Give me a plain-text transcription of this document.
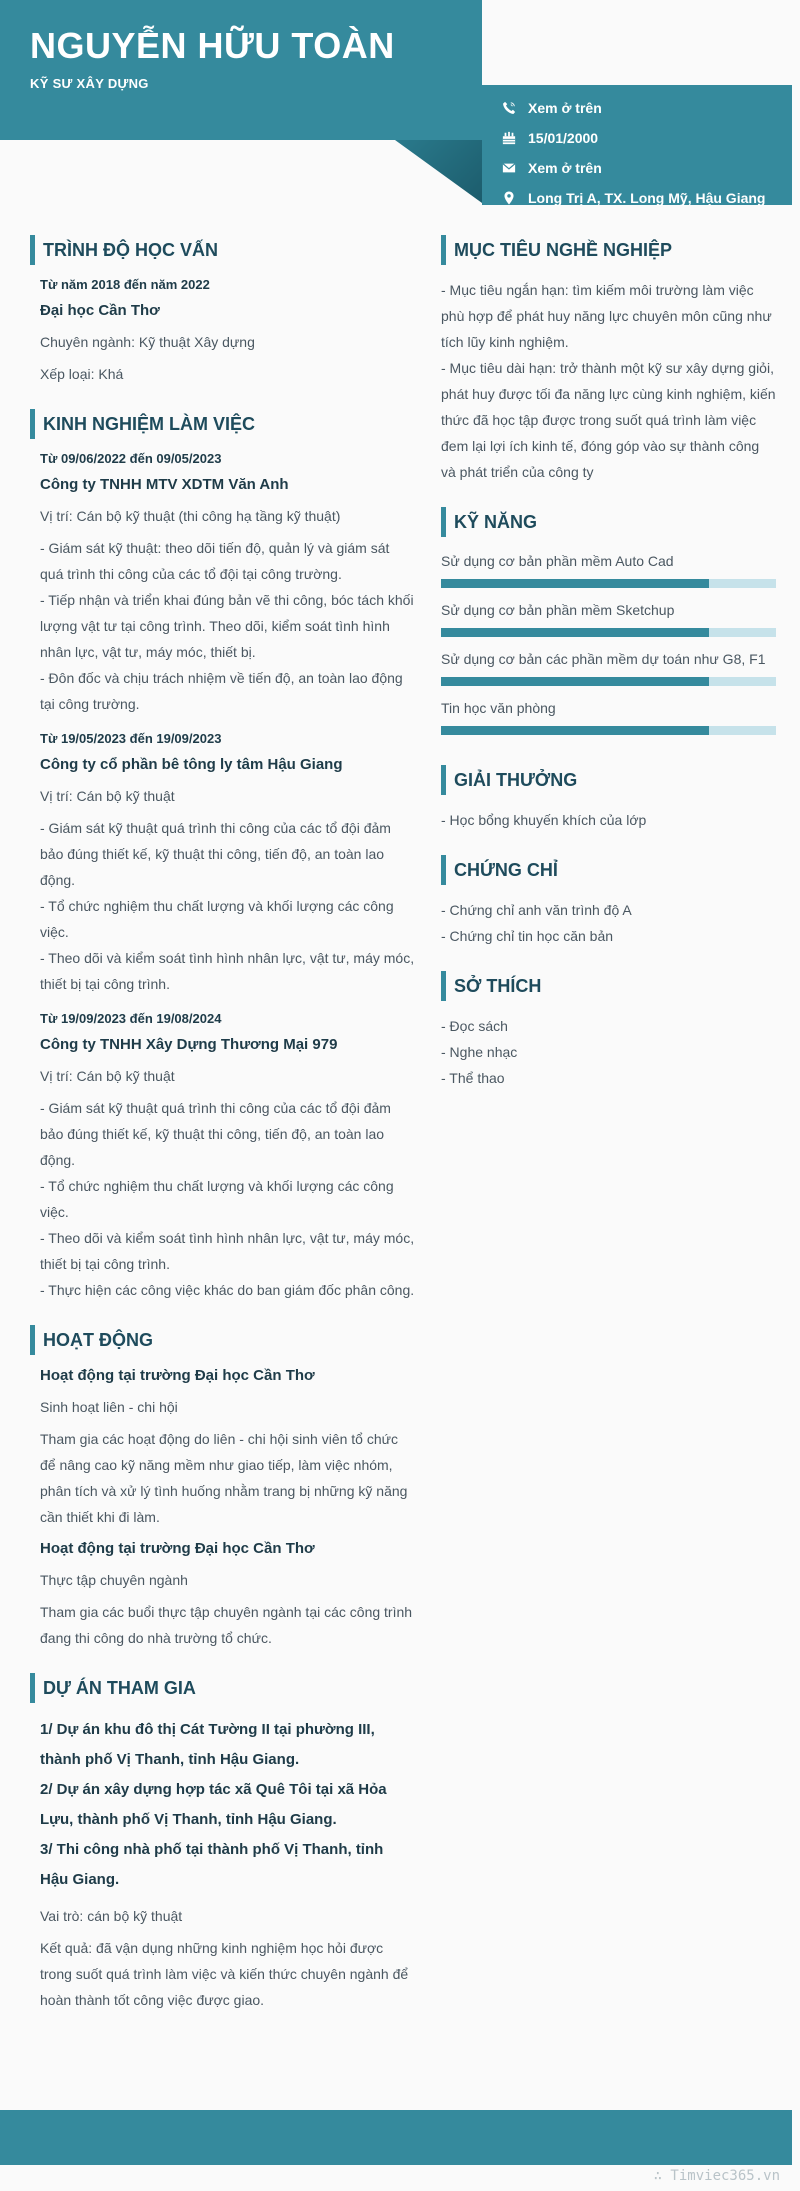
NGUYỄN HỮU TOÀN
KỸ SƯ XÂY DỰNG
Xem ở trên
15/01/2000
Xem ở trên
Long Trị A, TX. Long Mỹ, Hậu Giang
TRÌNH ĐỘ HỌC VẤN
Từ năm 2018 đến năm 2022
Đại học Cần Thơ
Chuyên ngành: Kỹ thuật Xây dựng
Xếp loại: Khá
KINH NGHIỆM LÀM VIỆC
Từ 09/06/2022 đến 09/05/2023
Công ty TNHH MTV XDTM Văn Anh
Vị trí: Cán bộ kỹ thuật (thi công hạ tầng kỹ thuật)
- Giám sát kỹ thuật: theo dõi tiến độ, quản lý và giám sát quá trình thi công của các tổ đội tại công trường.
- Tiếp nhận và triển khai đúng bản vẽ thi công, bóc tách khối lượng vật tư tại công trình. Theo dõi, kiểm soát tình hình nhân lực, vật tư, máy móc, thiết bị.
- Đôn đốc và chịu trách nhiệm về tiến độ, an toàn lao động tại công trường.
Từ 19/05/2023 đến 19/09/2023
Công ty cổ phần bê tông ly tâm Hậu Giang
Vị trí: Cán bộ kỹ thuật
- Giám sát kỹ thuật quá trình thi công của các tổ đội đảm bảo đúng thiết kế, kỹ thuật thi công, tiến độ, an toàn lao động.
- Tổ chức nghiệm thu chất lượng và khối lượng các công việc.
- Theo dõi và kiểm soát tình hình nhân lực, vật tư, máy móc, thiết bị tại công trình.
Từ 19/09/2023 đến 19/08/2024
Công ty TNHH Xây Dựng Thương Mại 979
Vị trí: Cán bộ kỹ thuật
- Giám sát kỹ thuật quá trình thi công của các tổ đội đảm bảo đúng thiết kế, kỹ thuật thi công, tiến độ, an toàn lao động.
- Tổ chức nghiệm thu chất lượng và khối lượng các công việc.
- Theo dõi và kiểm soát tình hình nhân lực, vật tư, máy móc, thiết bị tại công trình.
- Thực hiện các công việc khác do ban giám đốc phân công.
HOẠT ĐỘNG
Hoạt động tại trường Đại học Cần Thơ
Sinh hoạt liên - chi hội
Tham gia các hoạt động do liên - chi hội sinh viên tổ chức để nâng cao kỹ năng mềm như giao tiếp, làm việc nhóm, phân tích và xử lý tình huống nhằm trang bị những kỹ năng cần thiết khi đi làm.
Hoạt động tại trường Đại học Cần Thơ
Thực tập chuyên ngành
Tham gia các buổi thực tập chuyên ngành tại các công trình đang thi công do nhà trường tổ chức.
DỰ ÁN THAM GIA
1/ Dự án khu đô thị Cát Tường II tại phường III, thành phố Vị Thanh, tỉnh Hậu Giang.
2/ Dự án xây dựng hợp tác xã Quê Tôi tại xã Hỏa Lựu, thành phố Vị Thanh, tỉnh Hậu Giang.
3/ Thi công nhà phố tại thành phố Vị Thanh, tỉnh Hậu Giang.
Vai trò: cán bộ kỹ thuật
Kết quả: đã vận dụng những kinh nghiệm học hỏi được trong suốt quá trình làm việc và kiến thức chuyên ngành để hoàn thành tốt công việc được giao.
MỤC TIÊU NGHỀ NGHIỆP
- Mục tiêu ngắn hạn: tìm kiếm môi trường làm việc phù hợp để phát huy năng lực chuyên môn cũng như tích lũy kinh nghiệm.
- Mục tiêu dài hạn: trở thành một kỹ sư xây dựng giỏi, phát huy được tối đa năng lực cùng kinh nghiệm, kiến thức đã học tập được trong suốt quá trình làm việc đem lại lợi ích kinh tế, đóng góp vào sự thành công và phát triển của công ty
KỸ NĂNG
Sử dụng cơ bản phần mềm Auto Cad
Sử dụng cơ bản phần mềm Sketchup
Sử dụng cơ bản các phần mềm dự toán như G8, F1
Tin học văn phòng
GIẢI THƯỞNG
- Học bổng khuyến khích của lớp
CHỨNG CHỈ
- Chứng chỉ anh văn trình độ A
- Chứng chỉ tin học căn bản
SỞ THÍCH
- Đọc sách
- Nghe nhạc
- Thể thao
∴ Timviec365.vn
